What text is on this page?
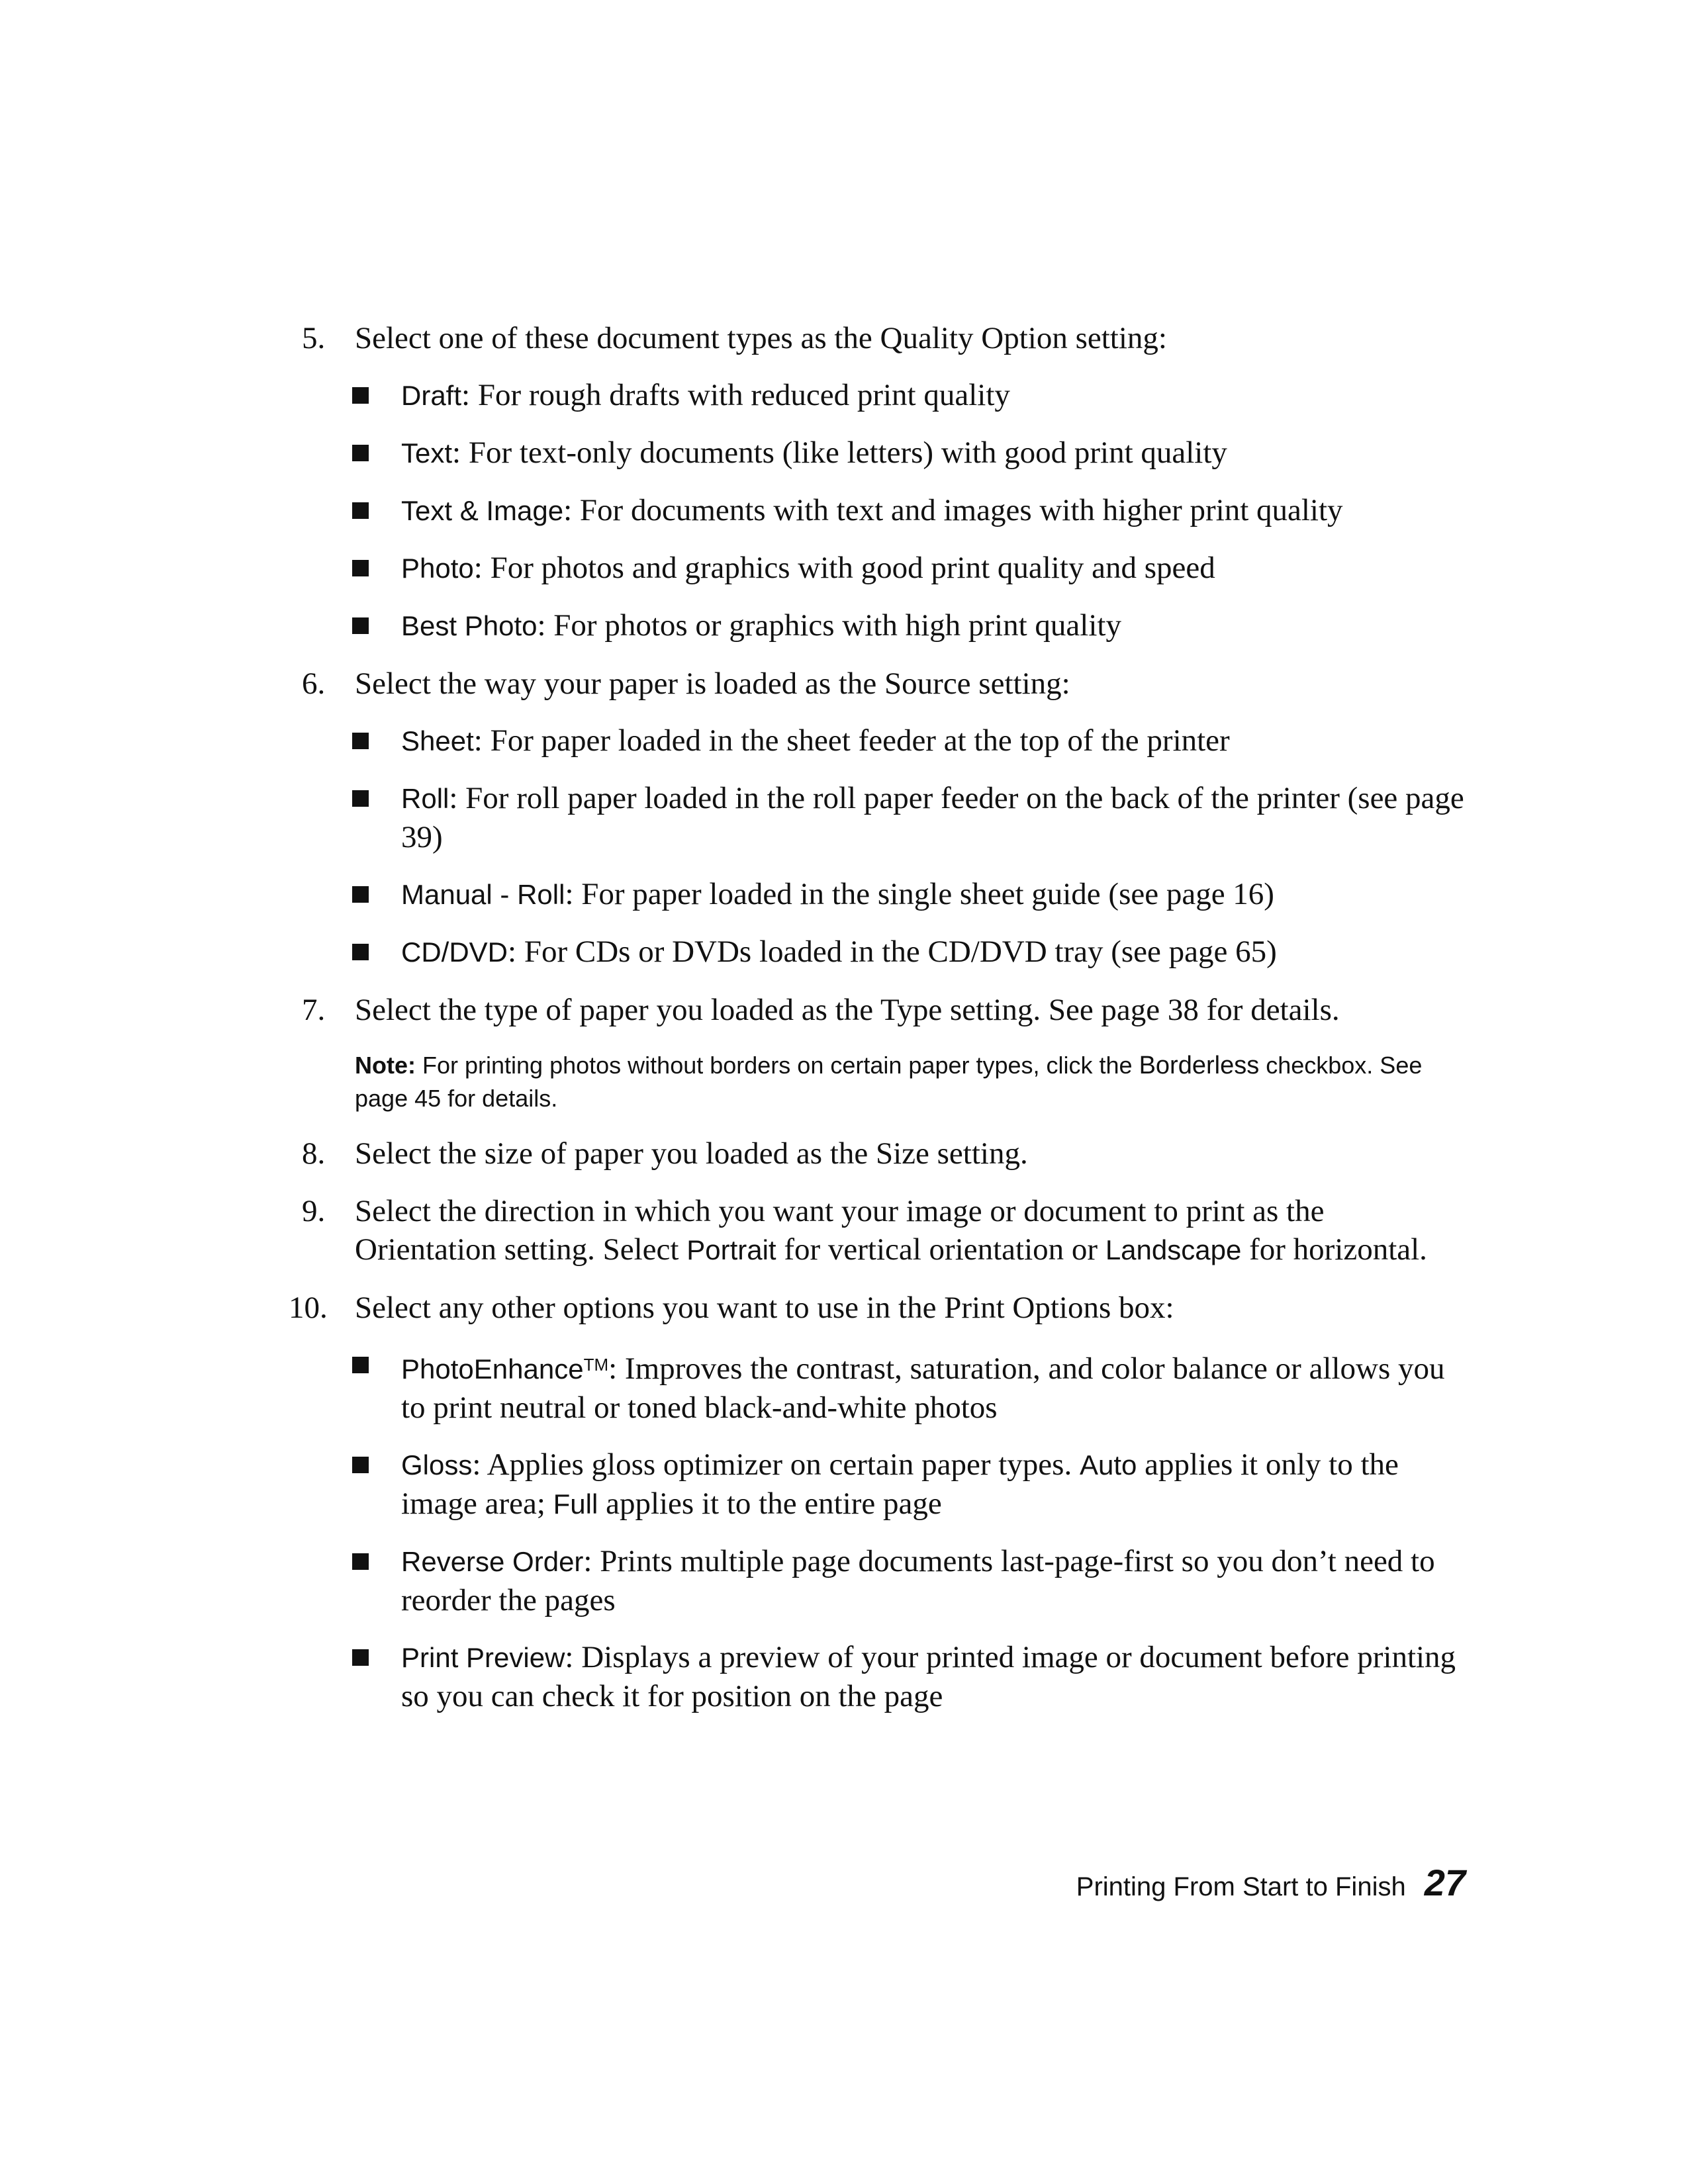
5. Select one of these document types as the Quality Option setting:
Draft: For rough drafts with reduced print quality
Text: For text-only documents (like letters) with good print quality
Text & Image: For documents with text and images with higher print quality
Photo: For photos and graphics with good print quality and speed
Best Photo: For photos or graphics with high print quality
6. Select the way your paper is loaded as the Source setting:
Sheet: For paper loaded in the sheet feeder at the top of the printer
Roll: For roll paper loaded in the roll paper feeder on the back of the printer (see page 39)
Manual - Roll: For paper loaded in the single sheet guide (see page 16)
CD/DVD: For CDs or DVDs loaded in the CD/DVD tray (see page 65)
7. Select the type of paper you loaded as the Type setting. See page 38 for details.
Note: For printing photos without borders on certain paper types, click the Borderless checkbox. See page 45 for details.
8. Select the size of paper you loaded as the Size setting.
9. Select the direction in which you want your image or document to print as the Orientation setting. Select Portrait for vertical orientation or Landscape for horizontal.
10. Select any other options you want to use in the Print Options box:
PhotoEnhance™: Improves the contrast, saturation, and color balance or allows you to print neutral or toned black-and-white photos
Gloss: Applies gloss optimizer on certain paper types. Auto applies it only to the image area; Full applies it to the entire page
Reverse Order: Prints multiple page documents last-page-first so you don’t need to reorder the pages
Print Preview: Displays a preview of your printed image or document before printing so you can check it for position on the page
Printing From Start to Finish 27
